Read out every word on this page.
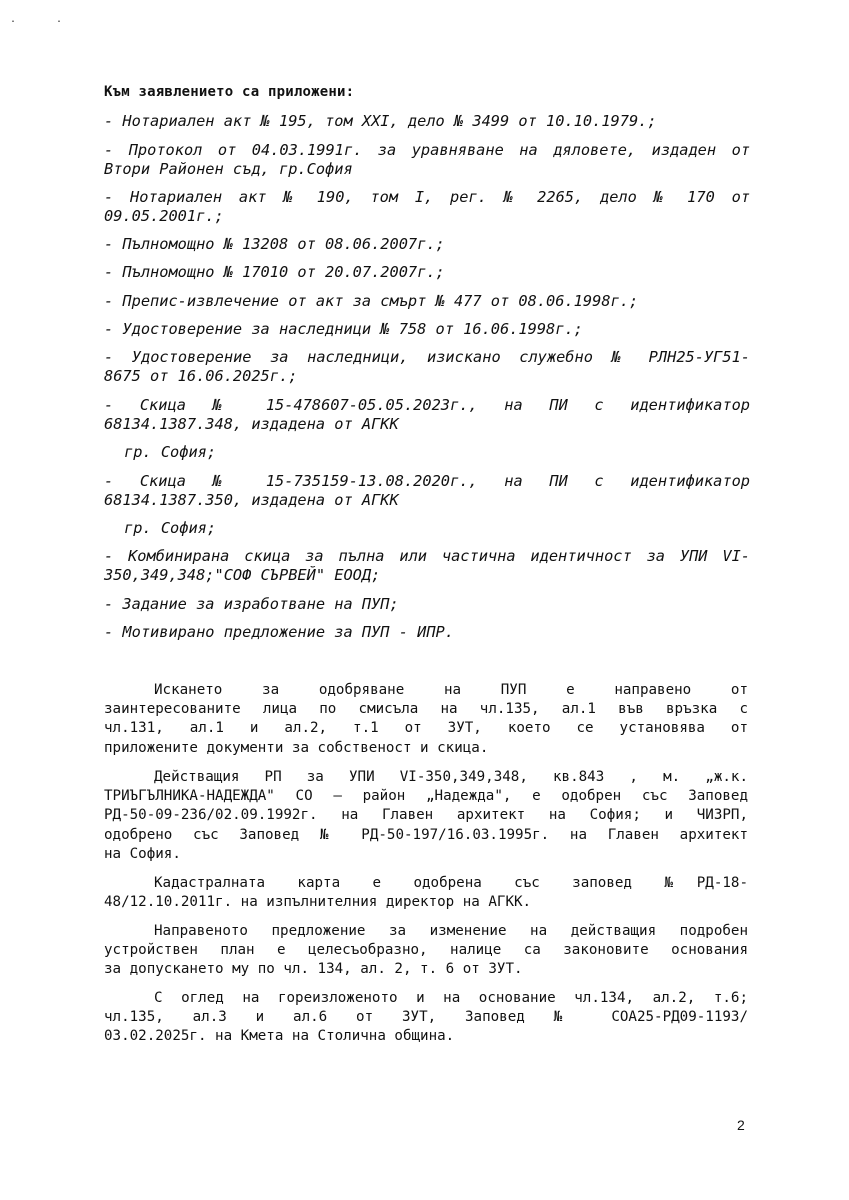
..
Към заявлението са приложени:
- Нотариален акт № 195, том XXI, дело № 3499 от 10.10.1979.;
- Протокол от 04.03.1991г. за уравняване на дяловете, издаден от
Втори Районен съд, гр.София
- Нотариален акт № 190, том I, рег. № 2265, дело № 170 от
09.05.2001г.;
- Пълномощно № 13208 от 08.06.2007г.;
- Пълномощно № 17010 от 20.07.2007г.;
- Препис-извлечение от акт за смърт № 477 от 08.06.1998г.;
- Удостоверение за наследници № 758 от 16.06.1998г.;
- Удостоверение за наследници, изискано служебно № РЛН25-УГ51-
8675 от 16.06.2025г.;
- Скица № 15-478607-05.05.2023г., на ПИ с идентификатор
68134.1387.348, издадена от АГКК
гр. София;
- Скица № 15-735159-13.08.2020г., на ПИ с идентификатор
68134.1387.350, издадена от АГКК
гр. София;
- Комбинирана скица за пълна или частична идентичност за УПИ VI-
350,349,348;"СОФ СЪРВЕЙ" ЕООД;
- Задание за изработване на ПУП;
- Мотивирано предложение за ПУП - ИПР.
Искането за одобряване на ПУП е направено от
заинтересованите лица по смисъла на чл.135, ал.1 във връзка с
чл.131, ал.1 и ал.2, т.1 от ЗУТ, което се установява от
приложените документи за собственост и скица.
Действащия РП за УПИ VI-350,349,348, кв.843 , м. „ж.к.
ТРИЪГЪЛНИКА-НАДЕЖДА" СО – район „Надежда", е одобрен със Заповед
РД-50-09-236/02.09.1992г. на Главен архитект на София; и ЧИЗРП,
одобрено със Заповед № РД-50-197/16.03.1995г. на Главен архитект
на София.
Кадастралната карта е одобрена със заповед №РД-18-
48/12.10.2011г. на изпълнителния директор на АГКК.
Направеното предложение за изменение на действащия подробен
устройствен план е целесъобразно, налице са законовите основания
за допускането му по чл. 134, ал. 2, т. 6 от ЗУТ.
С оглед на гореизложеното и на основание чл.134, ал.2, т.6;
чл.135, ал.3 и ал.6 от ЗУТ, Заповед № СОА25-РД09-1193/
03.02.2025г. на Кмета на Столична община.
2
